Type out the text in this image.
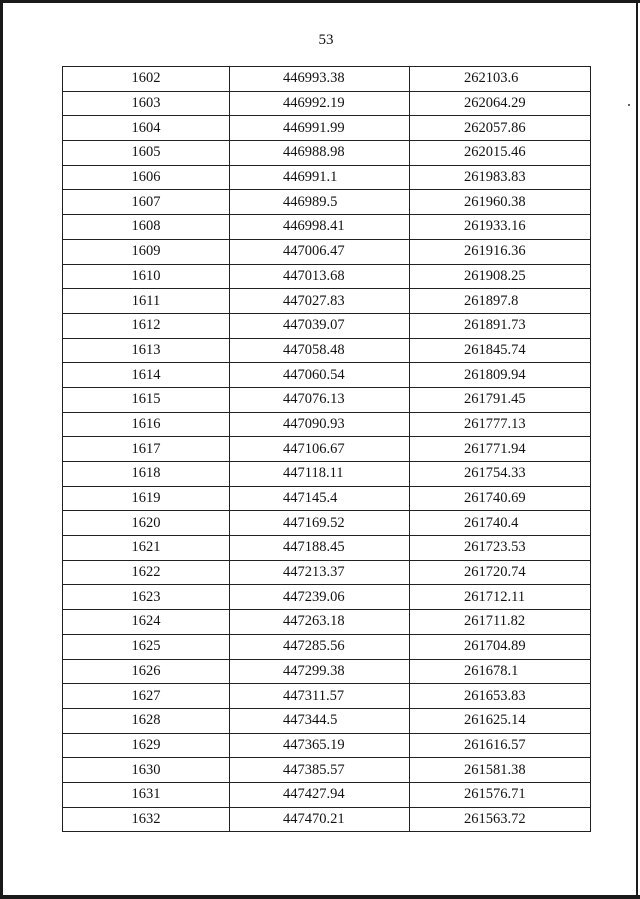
53
1602	446993.38	262103.6
1603	446992.19	262064.29
1604	446991.99	262057.86
1605	446988.98	262015.46
1606	446991.1	261983.83
1607	446989.5	261960.38
1608	446998.41	261933.16
1609	447006.47	261916.36
1610	447013.68	261908.25
1611	447027.83	261897.8
1612	447039.07	261891.73
1613	447058.48	261845.74
1614	447060.54	261809.94
1615	447076.13	261791.45
1616	447090.93	261777.13
1617	447106.67	261771.94
1618	447118.11	261754.33
1619	447145.4	261740.69
1620	447169.52	261740.4
1621	447188.45	261723.53
1622	447213.37	261720.74
1623	447239.06	261712.11
1624	447263.18	261711.82
1625	447285.56	261704.89
1626	447299.38	261678.1
1627	447311.57	261653.83
1628	447344.5	261625.14
1629	447365.19	261616.57
1630	447385.57	261581.38
1631	447427.94	261576.71
1632	447470.21	261563.72
